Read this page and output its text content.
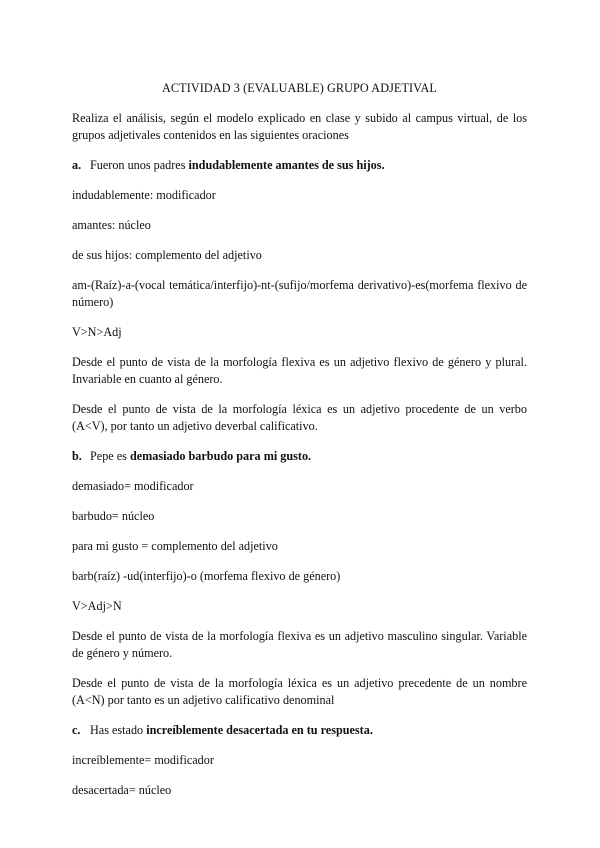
ACTIVIDAD 3 (EVALUABLE) GRUPO ADJETIVAL

Realiza el análisis, según el modelo explicado en clase y subido al campus virtual, de los grupos adjetivales contenidos en las siguientes oraciones

a. Fueron unos padres indudablemente amantes de sus hijos.

indudablemente: modificador

amantes: núcleo

de sus hijos: complemento del adjetivo

am-(Raíz)-a-(vocal temática/interfijo)-nt-(sufijo/morfema derivativo)-es(morfema flexivo de número)

V>N>Adj

Desde el punto de vista de la morfología flexiva es un adjetivo flexivo de género y plural. Invariable en cuanto al género.

Desde el punto de vista de la morfología léxica es un adjetivo procedente de un verbo (A<V), por tanto un adjetivo deverbal calificativo.

b. Pepe es demasiado barbudo para mi gusto.

demasiado= modificador

barbudo= núcleo

para mi gusto = complemento del adjetivo

barb(raíz) -ud(interfijo)-o (morfema flexivo de género)

V>Adj>N

Desde el punto de vista de la morfología flexiva es un adjetivo masculino singular. Variable de género y número.

Desde el punto de vista de la morfología léxica es un adjetivo precedente de un nombre (A<N) por tanto es un adjetivo calificativo denominal

c. Has estado increíblemente desacertada en tu respuesta.

increíblemente= modificador

desacertada= núcleo
